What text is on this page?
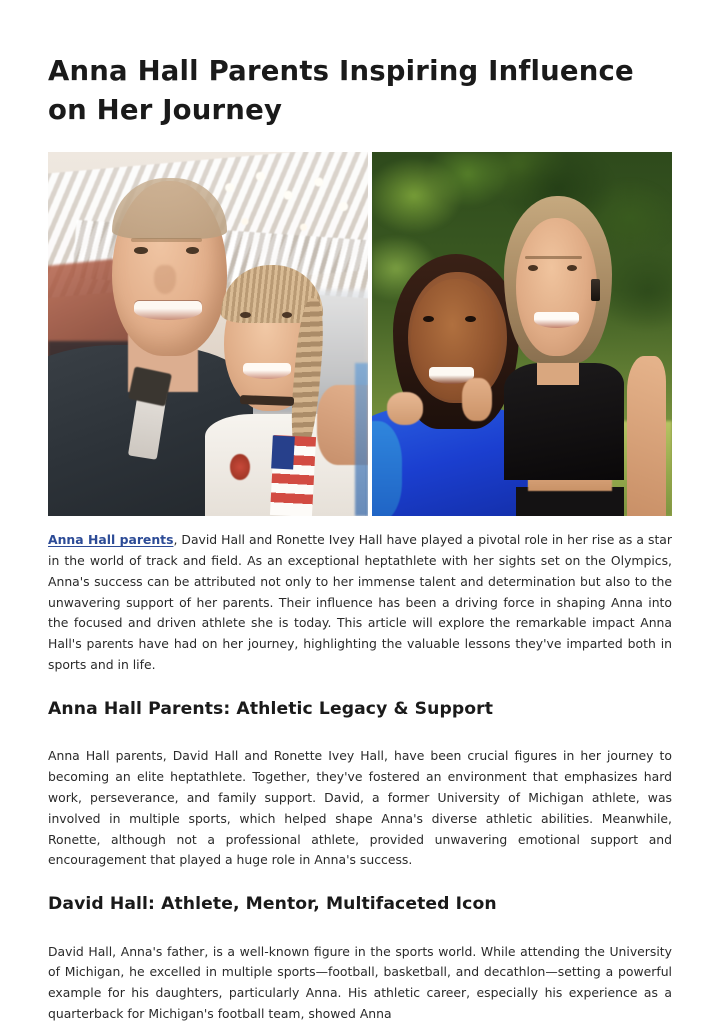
Anna Hall Parents Inspiring Influence on Her Journey

Anna Hall parents, David Hall and Ronette Ivey Hall have played a pivotal role in her rise as a star in the world of track and field. As an exceptional heptathlete with her sights set on the Olympics, Anna's success can be attributed not only to her immense talent and determination but also to the unwavering support of her parents. Their influence has been a driving force in shaping Anna into the focused and driven athlete she is today. This article will explore the remarkable impact Anna Hall's parents have had on her journey, highlighting the valuable lessons they've imparted both in sports and in life.

Anna Hall Parents: Athletic Legacy & Support

Anna Hall parents, David Hall and Ronette Ivey Hall, have been crucial figures in her journey to becoming an elite heptathlete. Together, they've fostered an environment that emphasizes hard work, perseverance, and family support. David, a former University of Michigan athlete, was involved in multiple sports, which helped shape Anna's diverse athletic abilities. Meanwhile, Ronette, although not a professional athlete, provided unwavering emotional support and encouragement that played a huge role in Anna's success.

David Hall: Athlete, Mentor, Multifaceted Icon

David Hall, Anna's father, is a well-known figure in the sports world. While attending the University of Michigan, he excelled in multiple sports—football, basketball, and decathlon—setting a powerful example for his daughters, particularly Anna. His athletic career, especially his experience as a quarterback for Michigan's football team, showed Anna
